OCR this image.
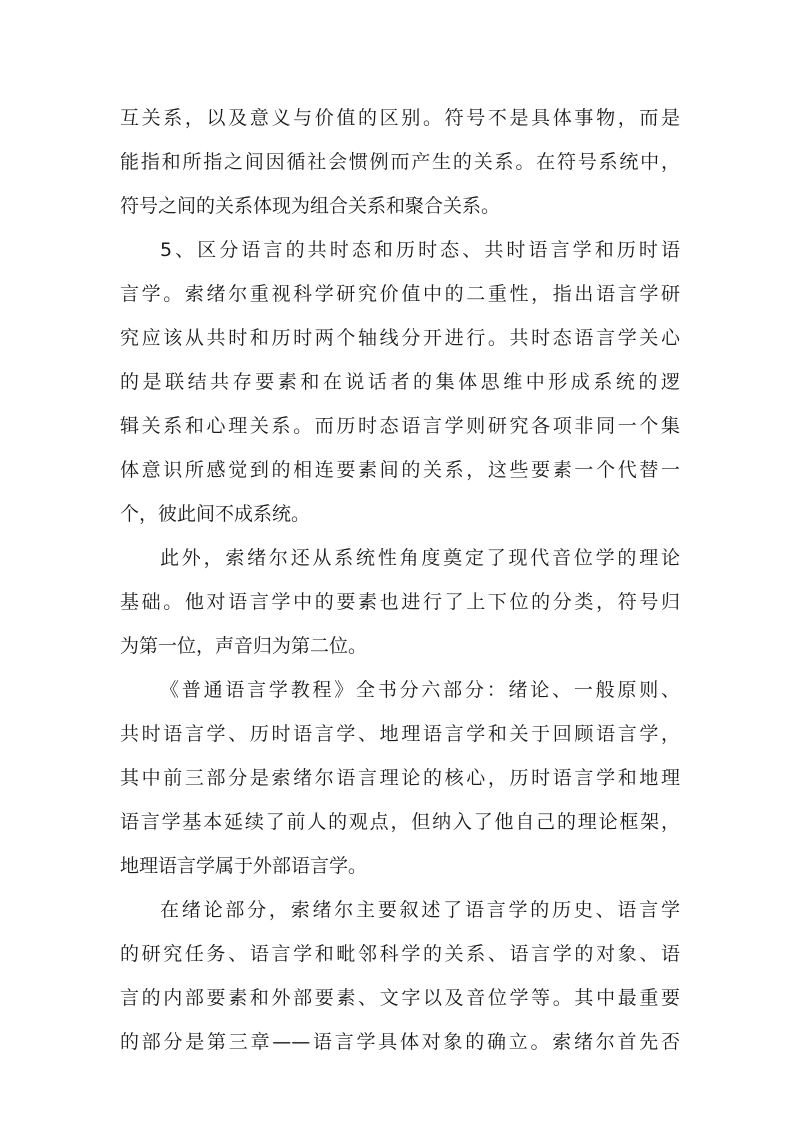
互关系，以及意义与价值的区别。符号不是具体事物，而是
能指和所指之间因循社会惯例而产生的关系。在符号系统中，
符号之间的关系体现为组合关系和聚合关系。
5、区分语言的共时态和历时态、共时语言学和历时语
言学。索绪尔重视科学研究价值中的二重性，指出语言学研
究应该从共时和历时两个轴线分开进行。共时态语言学关心
的是联结共存要素和在说话者的集体思维中形成系统的逻
辑关系和心理关系。而历时态语言学则研究各项非同一个集
体意识所感觉到的相连要素间的关系，这些要素一个代替一
个，彼此间不成系统。
此外，索绪尔还从系统性角度奠定了现代音位学的理论
基础。他对语言学中的要素也进行了上下位的分类，符号归
为第一位，声音归为第二位。
《普通语言学教程》全书分六部分：绪论、一般原则、
共时语言学、历时语言学、地理语言学和关于回顾语言学，
其中前三部分是索绪尔语言理论的核心，历时语言学和地理
语言学基本延续了前人的观点，但纳入了他自己的理论框架，
地理语言学属于外部语言学。
在绪论部分，索绪尔主要叙述了语言学的历史、语言学
的研究任务、语言学和毗邻科学的关系、语言学的对象、语
言的内部要素和外部要素、文字以及音位学等。其中最重要
的部分是第三章——语言学具体对象的确立。索绪尔首先否
